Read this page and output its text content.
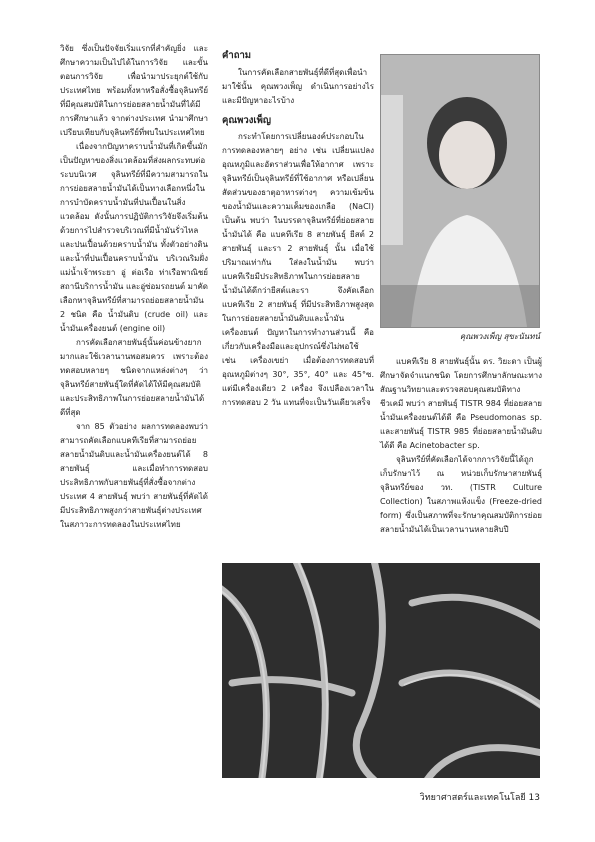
วิจัย ซึ่งเป็นปัจจัยเริ่มแรกที่สำคัญยิ่ง และศึกษาความเป็นไปได้ในการวิจัย และขั้นตอนการวิจัย เพื่อนำมาประยุกต์ใช้กับประเทศไทย พร้อมทั้งหาหรือสั่งซื้อจุลินทรีย์ที่มีคุณสมบัติในการย่อยสลายน้ำมันที่ได้มีการศึกษาแล้ว จากต่างประเทศ นำมาศึกษาเปรียบเทียบกับจุลินทรีย์ที่พบในประเทศไทย

เนื่องจากปัญหาคราบน้ำมันที่เกิดขึ้นมักเป็นปัญหาของสิ่งแวดล้อมที่ส่งผลกระทบต่อระบบนิเวศ จุลินทรีย์ที่มีความสามารถในการย่อยสลายน้ำมันได้เป็นทางเลือกหนึ่งในการบำบัดคราบน้ำมันที่ปนเปื้อนในสิ่งแวดล้อม ดังนั้นการปฏิบัติการวิจัยจึงเริ่มต้นด้วยการไปสำรวจบริเวณที่มีน้ำมันรั่วไหลและปนเปื้อนด้วยคราบน้ำมัน ทั้งตัวอย่างดินและน้ำที่ปนเปื้อนคราบน้ำมัน บริเวณริมฝั่งแม่น้ำเจ้าพระยา อู่ ต่อเรือ ท่าเรือพาณิชย์ สถานีบริการน้ำมัน และอู่ซ่อมรถยนต์ มาคัดเลือกหาจุลินทรีย์ที่สามารถย่อยสลายน้ำมัน 2 ชนิด คือ น้ำมันดิบ (crude oil) และน้ำมันเครื่องยนต์ (engine oil)

การคัดเลือกสายพันธุ์นั้นค่อนข้างยากมากและใช้เวลานานพอสมควร เพราะต้องทดสอบหลายๆ ชนิดจากแหล่งต่างๆ ว่าจุลินทรีย์สายพันธุ์ใดที่คัดได้ให้มีคุณสมบัติและประสิทธิภาพในการย่อยสลายน้ำมันได้ดีที่สุด

จาก 85 ตัวอย่าง ผลการทดลองพบว่าสามารถคัดเลือกแบคทีเรียที่สามารถย่อยสลายน้ำมันดิบและน้ำมันเครื่องยนต์ได้ 8 สายพันธุ์ และเมื่อทำการทดสอบประสิทธิภาพกับสายพันธุ์ที่สั่งซื้อจากต่างประเทศ 4 สายพันธุ์ พบว่า สายพันธุ์ที่คัดได้มีประสิทธิภาพสูงกว่าสายพันธุ์ต่างประเทศในสภาวะการทดลองในประเทศไทย

คำถาม

ในการคัดเลือกสายพันธุ์ที่ดีที่สุดเพื่อนำมาใช้นั้น คุณพวงเพ็ญ ดำเนินการอย่างไร และมีปัญหาอะไรบ้าง

คุณพวงเพ็ญ

กระทำโดยการเปลี่ยนองค์ประกอบในการทดลองหลายๆ อย่าง เช่น เปลี่ยนแปลงอุณหภูมิและอัตราส่วนเพื่อให้อากาศ เพราะจุลินทรีย์เป็นจุลินทรีย์ที่ใช้อากาศ หรือเปลี่ยนสัดส่วนของธาตุอาหารต่างๆ ความเข้มข้นของน้ำมันและความเค็มของเกลือ (NaCl) เป็นต้น พบว่า ในบรรดาจุลินทรีย์ที่ย่อยสลายน้ำมันได้ คือ แบคทีเรีย 8 สายพันธุ์ ยีสต์ 2 สายพันธุ์ และรา 2 สายพันธุ์ นั้น เมื่อใช้ปริมาณเท่ากัน ใส่ลงในน้ำมัน พบว่าแบคทีเรียมีประสิทธิภาพในการย่อยสลายน้ำมันได้ดีกว่ายีสต์และรา จึงคัดเลือกแบคทีเรีย 2 สายพันธุ์ ที่มีประสิทธิภาพสูงสุดในการย่อยสลายน้ำมันดิบและน้ำมันเครื่องยนต์ ปัญหาในการทำงานส่วนนี้ คือ เกี่ยวกับเครื่องมือและอุปกรณ์ซึ่งไม่พอใช้ เช่น เครื่องเขย่า เมื่อต้องการทดสอบที่อุณหภูมิต่างๆ 30°, 35°, 40° และ 45°ซ. แต่มีเครื่องเดียว 2 เครื่อง จึงเปลืองเวลาในการทดสอบ 2 วัน แทนที่จะเป็นวันเดียวเสร็จ

คุณพวงเพ็ญ สุขะนันทน์

แบคทีเรีย 8 สายพันธุ์นั้น ดร. วิยะดา เป็นผู้ศึกษาจัดจำแนกชนิด โดยการศึกษาลักษณะทางสัณฐานวิทยาและตรวจสอบคุณสมบัติทางชีวเคมี พบว่า สายพันธุ์ TISTR 984 ที่ย่อยสลายน้ำมันเครื่องยนต์ได้ดี คือ Pseudomonas sp. และสายพันธุ์ TISTR 985 ที่ย่อยสลายน้ำมันดิบได้ดี คือ Acinetobacter sp.

จุลินทรีย์ที่คัดเลือกได้จากการวิจัยนี้ได้ถูกเก็บรักษาไว้ ณ หน่วยเก็บรักษาสายพันธุ์จุลินทรีย์ของ วท. (TISTR Culture Collection) ในสภาพแห้งแข็ง (Freeze-dried form) ซึ่งเป็นสภาพที่จะรักษาคุณสมบัติการย่อยสลายน้ำมันได้เป็นเวลานานหลายสิบปี

วิทยาศาสตร์และเทคโนโลยี 13
